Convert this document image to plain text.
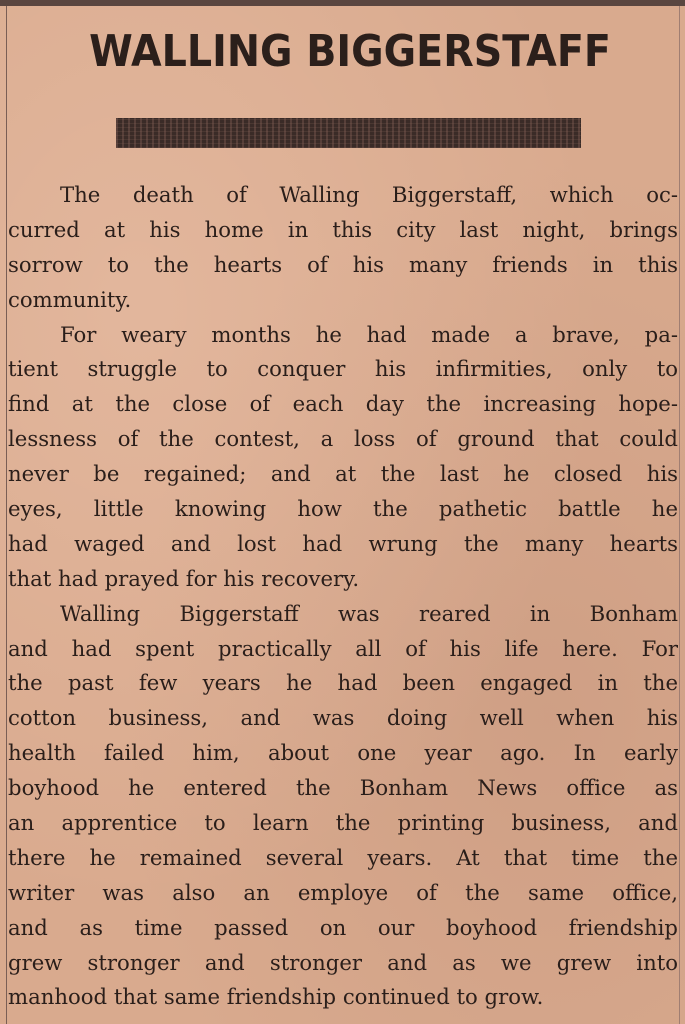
WALLING BIGGERSTAFF
The death of Walling Biggerstaff, which oc-
curred at his home in this city last night, brings
sorrow to the hearts of his many friends in this
community.
For weary months he had made a brave, pa-
tient struggle to conquer his infirmities, only to
find at the close of each day the increasing hope-
lessness of the contest, a loss of ground that could
never be regained; and at the last he closed his
eyes, little knowing how the pathetic battle he
had waged and lost had wrung the many hearts
that had prayed for his recovery.
Walling Biggerstaff was reared in Bonham
and had spent practically all of his life here. For
the past few years he had been engaged in the
cotton business, and was doing well when his
health failed him, about one year ago. In early
boyhood he entered the Bonham News office as
an apprentice to learn the printing business, and
there he remained several years. At that time the
writer was also an employe of the same office,
and as time passed on our boyhood friendship
grew stronger and stronger and as we grew into
manhood that same friendship continued to grow.
